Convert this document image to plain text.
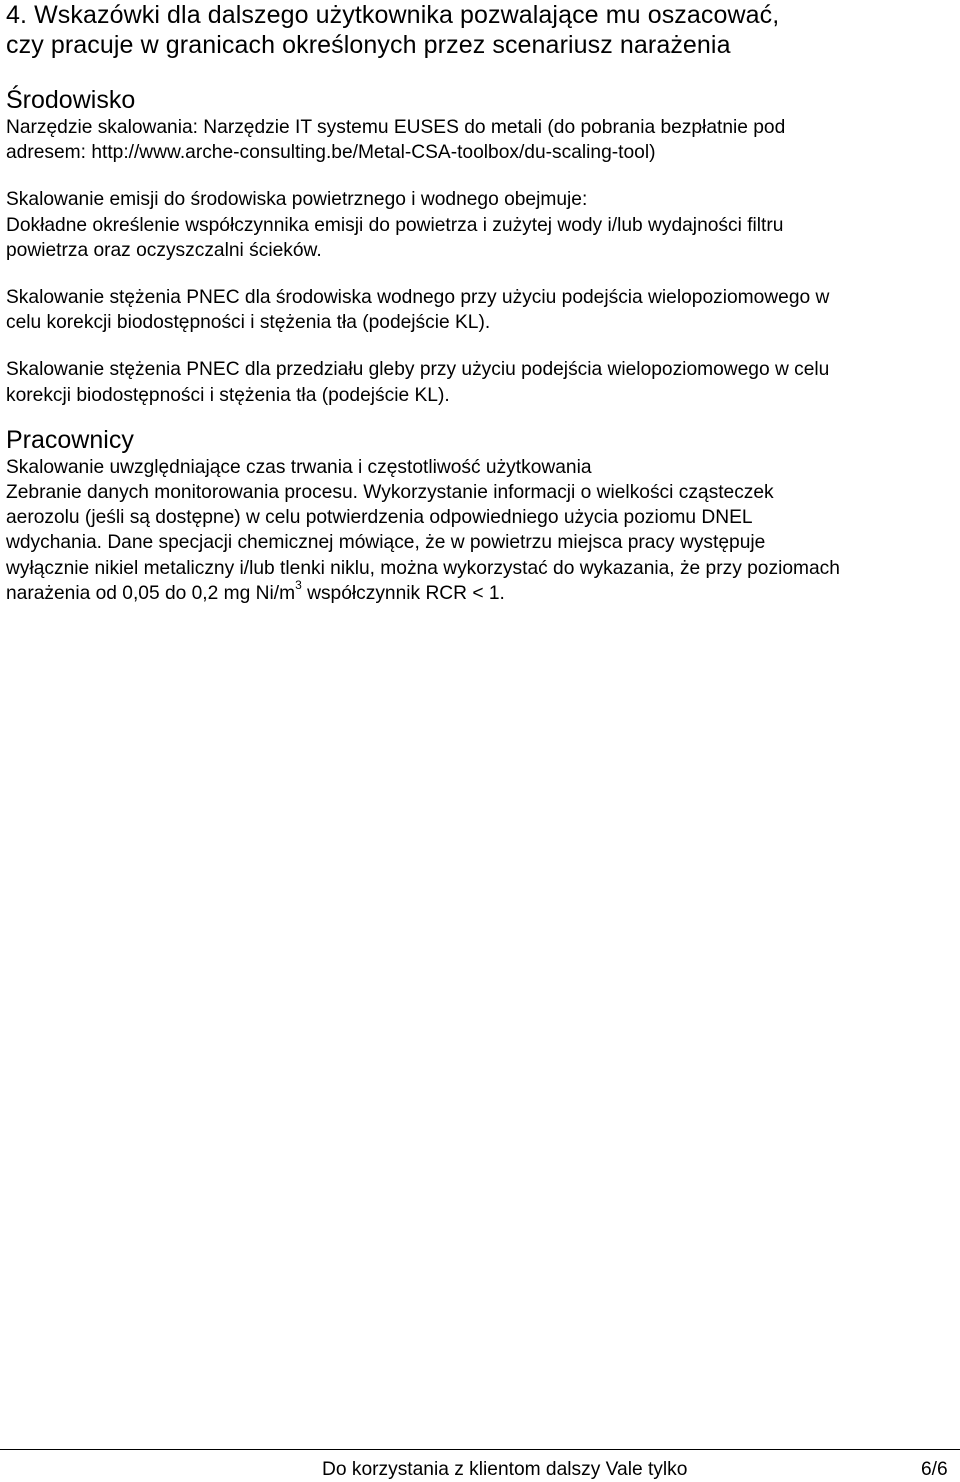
4. Wskazówki dla dalszego użytkownika pozwalające mu oszacować,
czy pracuje w granicach określonych przez scenariusz narażenia
Środowisko

Narzędzie skalowania: Narzędzie IT systemu EUSES do metali (do pobrania bezpłatnie pod
adresem: http://www.arche-consulting.be/Metal-CSA-toolbox/du-scaling-tool)

Skalowanie emisji do środowiska powietrznego i wodnego obejmuje:
Dokładne określenie współczynnika emisji do powietrza i zużytej wody i/lub wydajności filtru
powietrza oraz oczyszczalni ścieków.

Skalowanie stężenia PNEC dla środowiska wodnego przy użyciu podejścia wielopoziomowego w
celu korekcji biodostępności i stężenia tła (podejście KL).

Skalowanie stężenia PNEC dla przedziału gleby przy użyciu podejścia wielopoziomowego w celu
korekcji biodostępności i stężenia tła (podejście KL).

Pracownicy

Skalowanie uwzględniające czas trwania i częstotliwość użytkowania
Zebranie danych monitorowania procesu. Wykorzystanie informacji o wielkości cząsteczek
aerozolu (jeśli są dostępne) w celu potwierdzenia odpowiedniego użycia poziomu DNEL
wdychania. Dane specjacji chemicznej mówiące, że w powietrzu miejsca pracy występuje
wyłącznie nikiel metaliczny i/lub tlenki niklu, można wykorzystać do wykazania, że przy poziomach
narażenia od 0,05 do 0,2 mg $Ni/m^3$ współczynnik RCR < 1.

Do korzystania z klientom dalszy Vale tylko	6/6
